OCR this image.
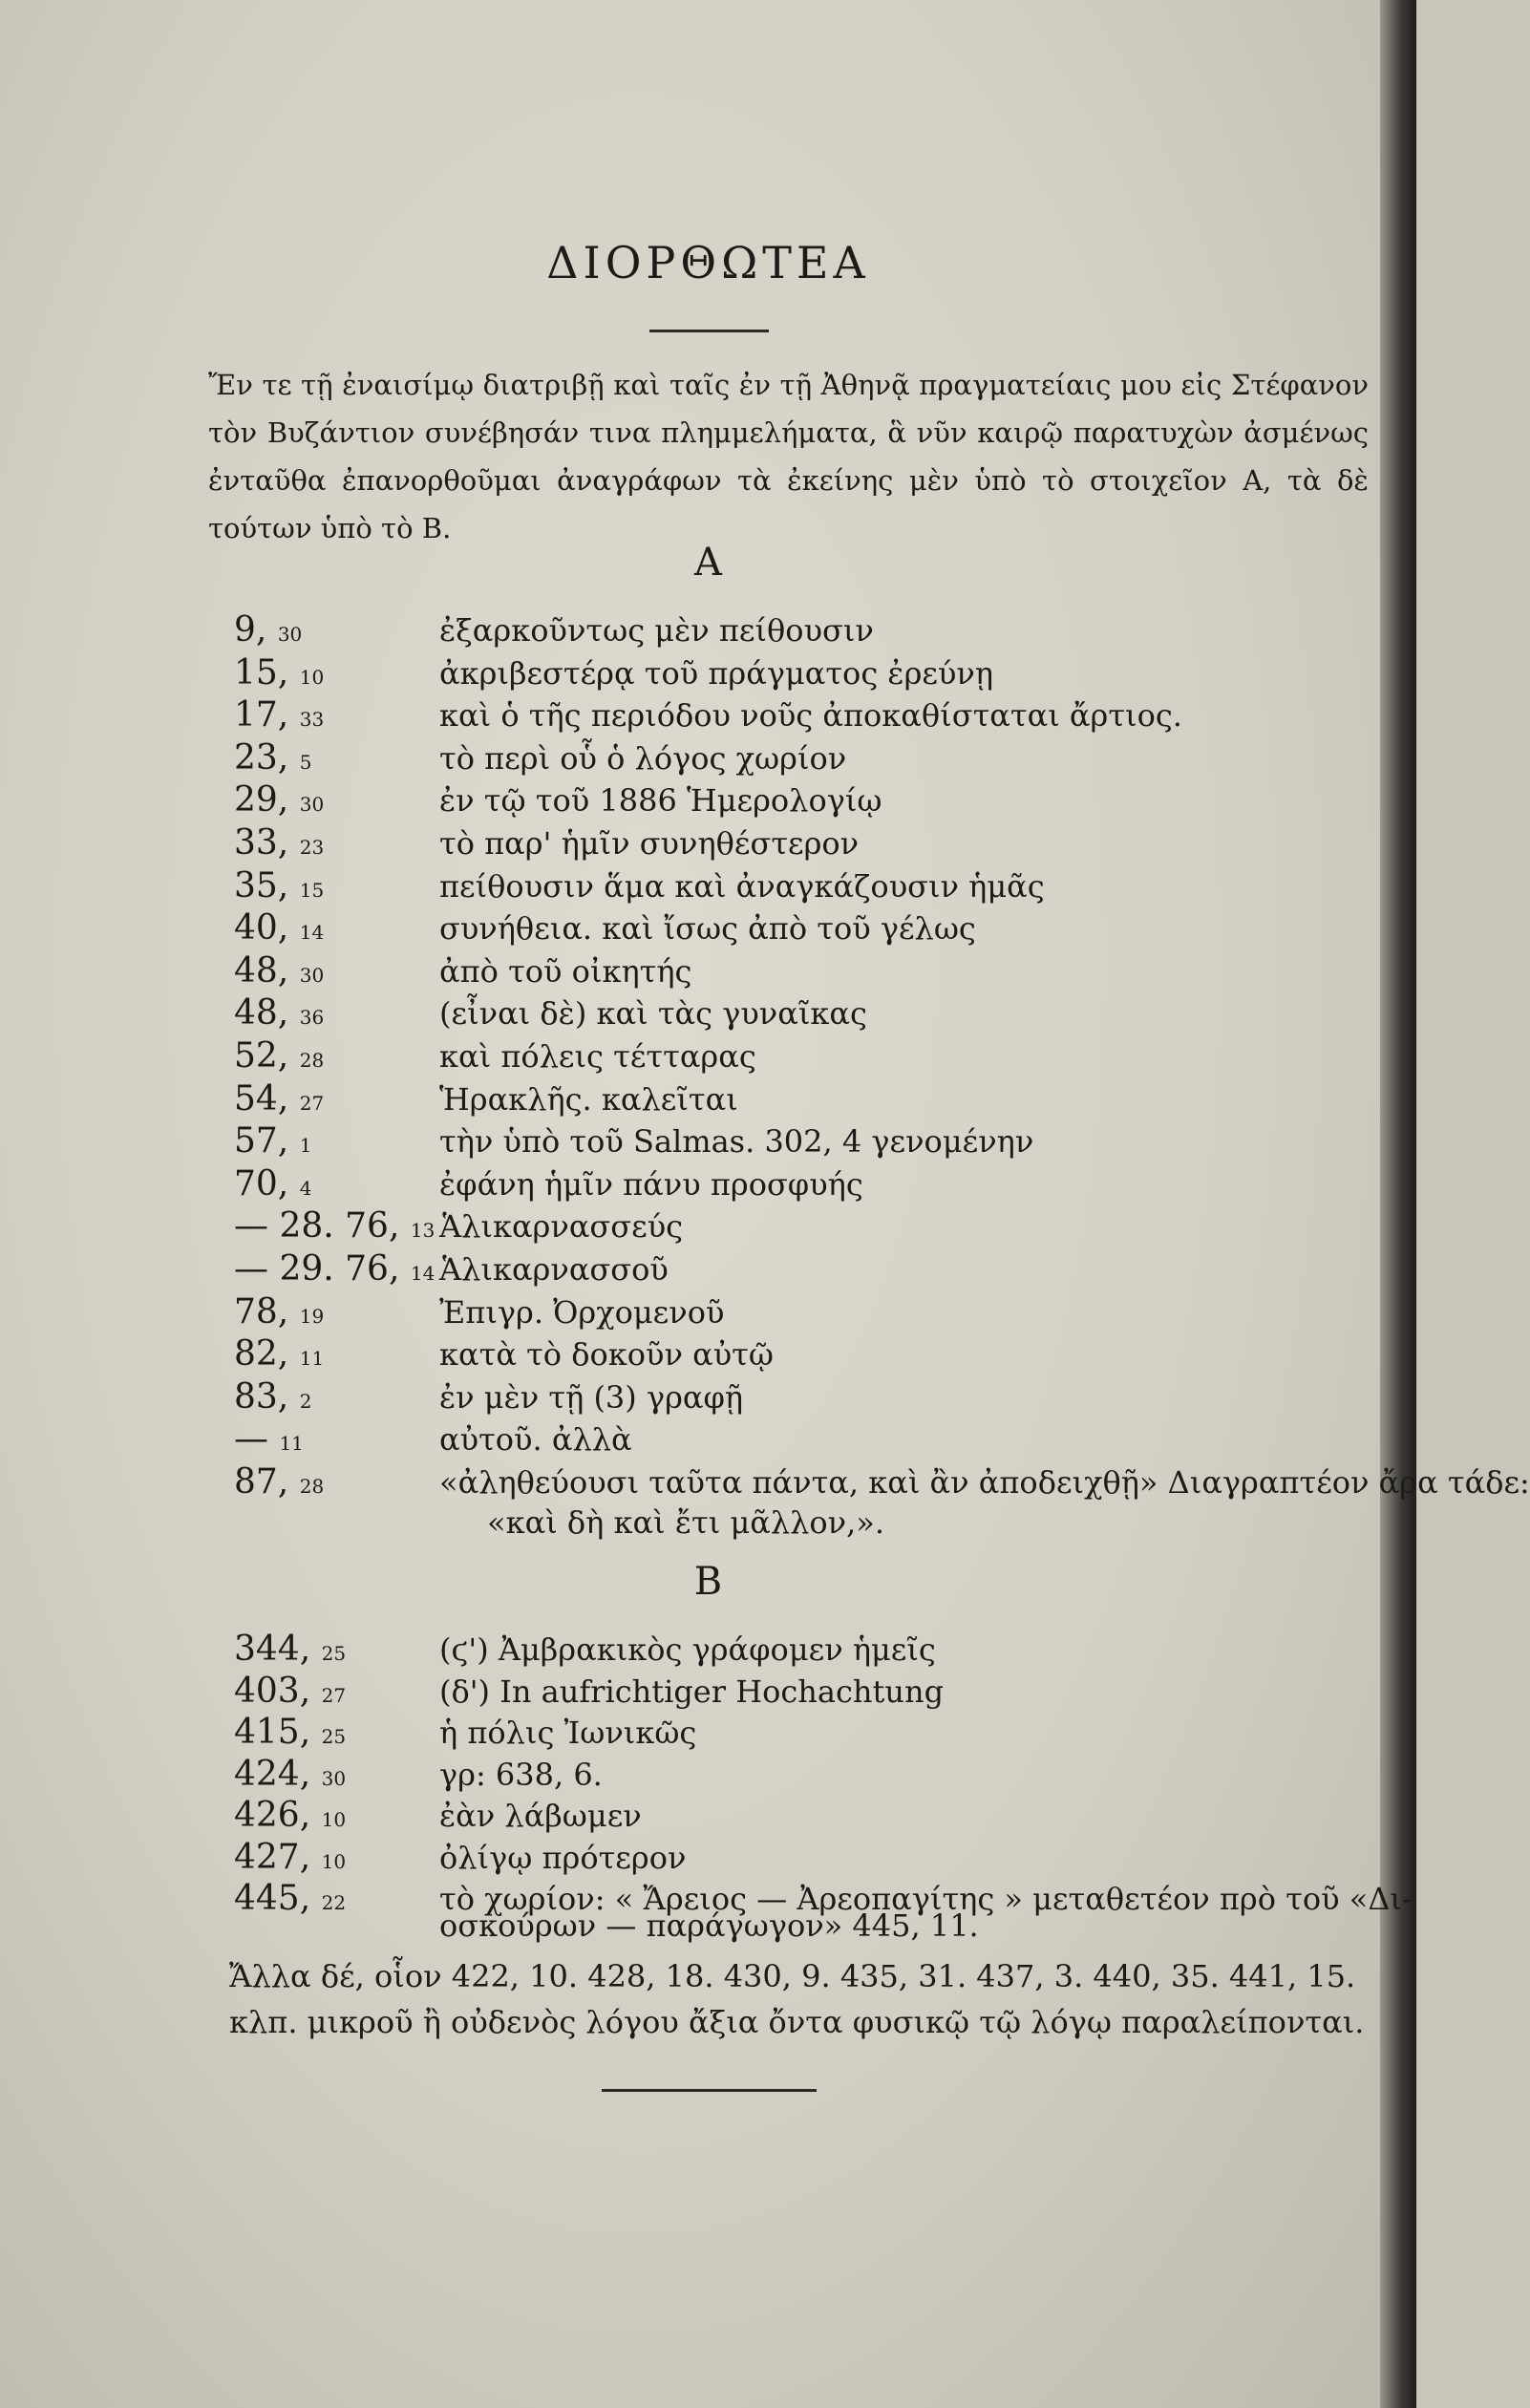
ΔΙΟΡΘΩΤΕΑ
Ἔν τε τῇ ἐναισίμῳ διατριβῇ καὶ ταῖς ἐν τῇ Ἀθηνᾷ πραγματείαις μου εἰς Στέφανον τὸν Βυζάντιον συνέβησάν τινα πλημμελήματα, ἃ νῦν καιρῷ παρατυχὼν ἀσμένως ἐνταῦθα ἐπανορθοῦμαι ἀναγράφων τὰ ἐκείνης μὲν ὑπὸ τὸ στοιχεῖον Α, τὰ δὲ τούτων ὑπὸ τὸ Β.
Α
9, 30	ἐξαρκοῦντως μὲν πείθουσιν
15, 10	ἀκριβεστέρᾳ τοῦ πράγματος ἐρεύνῃ
17, 33	καὶ ὁ τῆς περιόδου νοῦς ἀποκαθίσταται ἄρτιος.
23, 5	τὸ περὶ οὗ ὁ λόγος χωρίον
29, 30	ἐν τῷ τοῦ 1886 Ἡμερολογίῳ
33, 23	τὸ παρ' ἡμῖν συνηθέστερον
35, 15	πείθουσιν ἅμα καὶ ἀναγκάζουσιν ἡμᾶς
40, 14	συνήθεια. καὶ ἴσως ἀπὸ τοῦ γέλως
48, 30	ἀπὸ τοῦ οἰκητής
48, 36	(εἶναι δὲ) καὶ τὰς γυναῖκας
52, 28	καὶ πόλεις τέτταρας
54, 27	Ἡρακλῆς. καλεῖται
57, 1	τὴν ὑπὸ τοῦ Salmas. 302, 4 γενομένην
70, 4	ἐφάνη ἡμῖν πάνυ προσφυής
— 28. 76, 13 Ἁλικαρνασσεύς
— 29. 76, 14 Ἁλικαρνασσοῦ
78, 19	Ἐπιγρ. Ὀρχομενοῦ
82, 11	κατὰ τὸ δοκοῦν αὐτῷ
83, 2	ἐν μὲν τῇ (3) γραφῇ
— 11	αὐτοῦ. ἀλλὰ
87, 28	«ἀληθεύουσι ταῦτα πάντα, καὶ ἂν ἀποδειχθῇ» Διαγραπτέον ἄρα τάδε:
«καὶ δὴ καὶ ἔτι μᾶλλον,».
Β
344, 25	(ϛ') Ἀμβρακικὸς γράφομεν ἡμεῖς
403, 27	(δ') In aufrichtiger Hochachtung
415, 25	ἡ πόλις Ἰωνικῶς
424, 30	γρ: 638, 6.
426, 10	ἐὰν λάβωμεν
427, 10	ὀλίγῳ πρότερον
445, 22	τὸ χωρίον: « Ἄρειος — Ἀρεοπαγίτης » μεταθετέον πρὸ τοῦ «Δι-
οσκούρων — παράγωγον» 445, 11.
Ἄλλα δέ, οἷον 422, 10. 428, 18. 430, 9. 435, 31. 437, 3. 440, 35. 441, 15. κλπ. μικροῦ ἢ οὐδενὸς λόγου ἄξια ὄντα φυσικῷ τῷ λόγῳ παραλείπονται.
